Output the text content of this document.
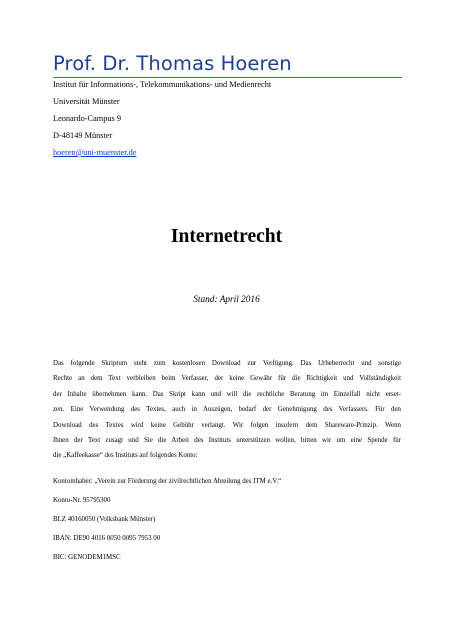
Prof. Dr. Thomas Hoeren
Institut für Informations-, Telekommunikations- und Medienrecht
Universität Münster
Leonardo-Campus 9
D-48149 Münster
hoeren@uni-muenster.de
Internetrecht
Stand: April 2016
Das folgende Skriptum steht zum kostenlosen Download zur Verfügung. Das Urheberrecht und sonstige
Rechte an dem Text verbleiben beim Verfasser, der keine Gewähr für die Richtigkeit und Vollständigkeit
der Inhalte übernehmen kann. Das Skript kann und will die rechtliche Beratung im Einzelfall nicht erset-
zen. Eine Verwendung des Textes, auch in Auszügen, bedarf der Genehmigung des Verfassers. Für den
Download des Textes wird keine Gebühr verlangt. Wir folgen insofern dem Shareware-Prinzip. Wenn
Ihnen der Text zusagt und Sie die Arbeit des Instituts unterstützen wollen, bitten wir um eine Spende für
die „Kaffeekasse“ des Instituts auf folgendes Konto:
Kontoinhaber: „Verein zur Förderung der zivilrechtlichen Abteilung des ITM e.V.“
Konto-Nr. 95795300
BLZ 40160050 (Volksbank Münster)
IBAN: DE90 4016 0050 0095 7953 00
BIC: GENODEM1MSC
